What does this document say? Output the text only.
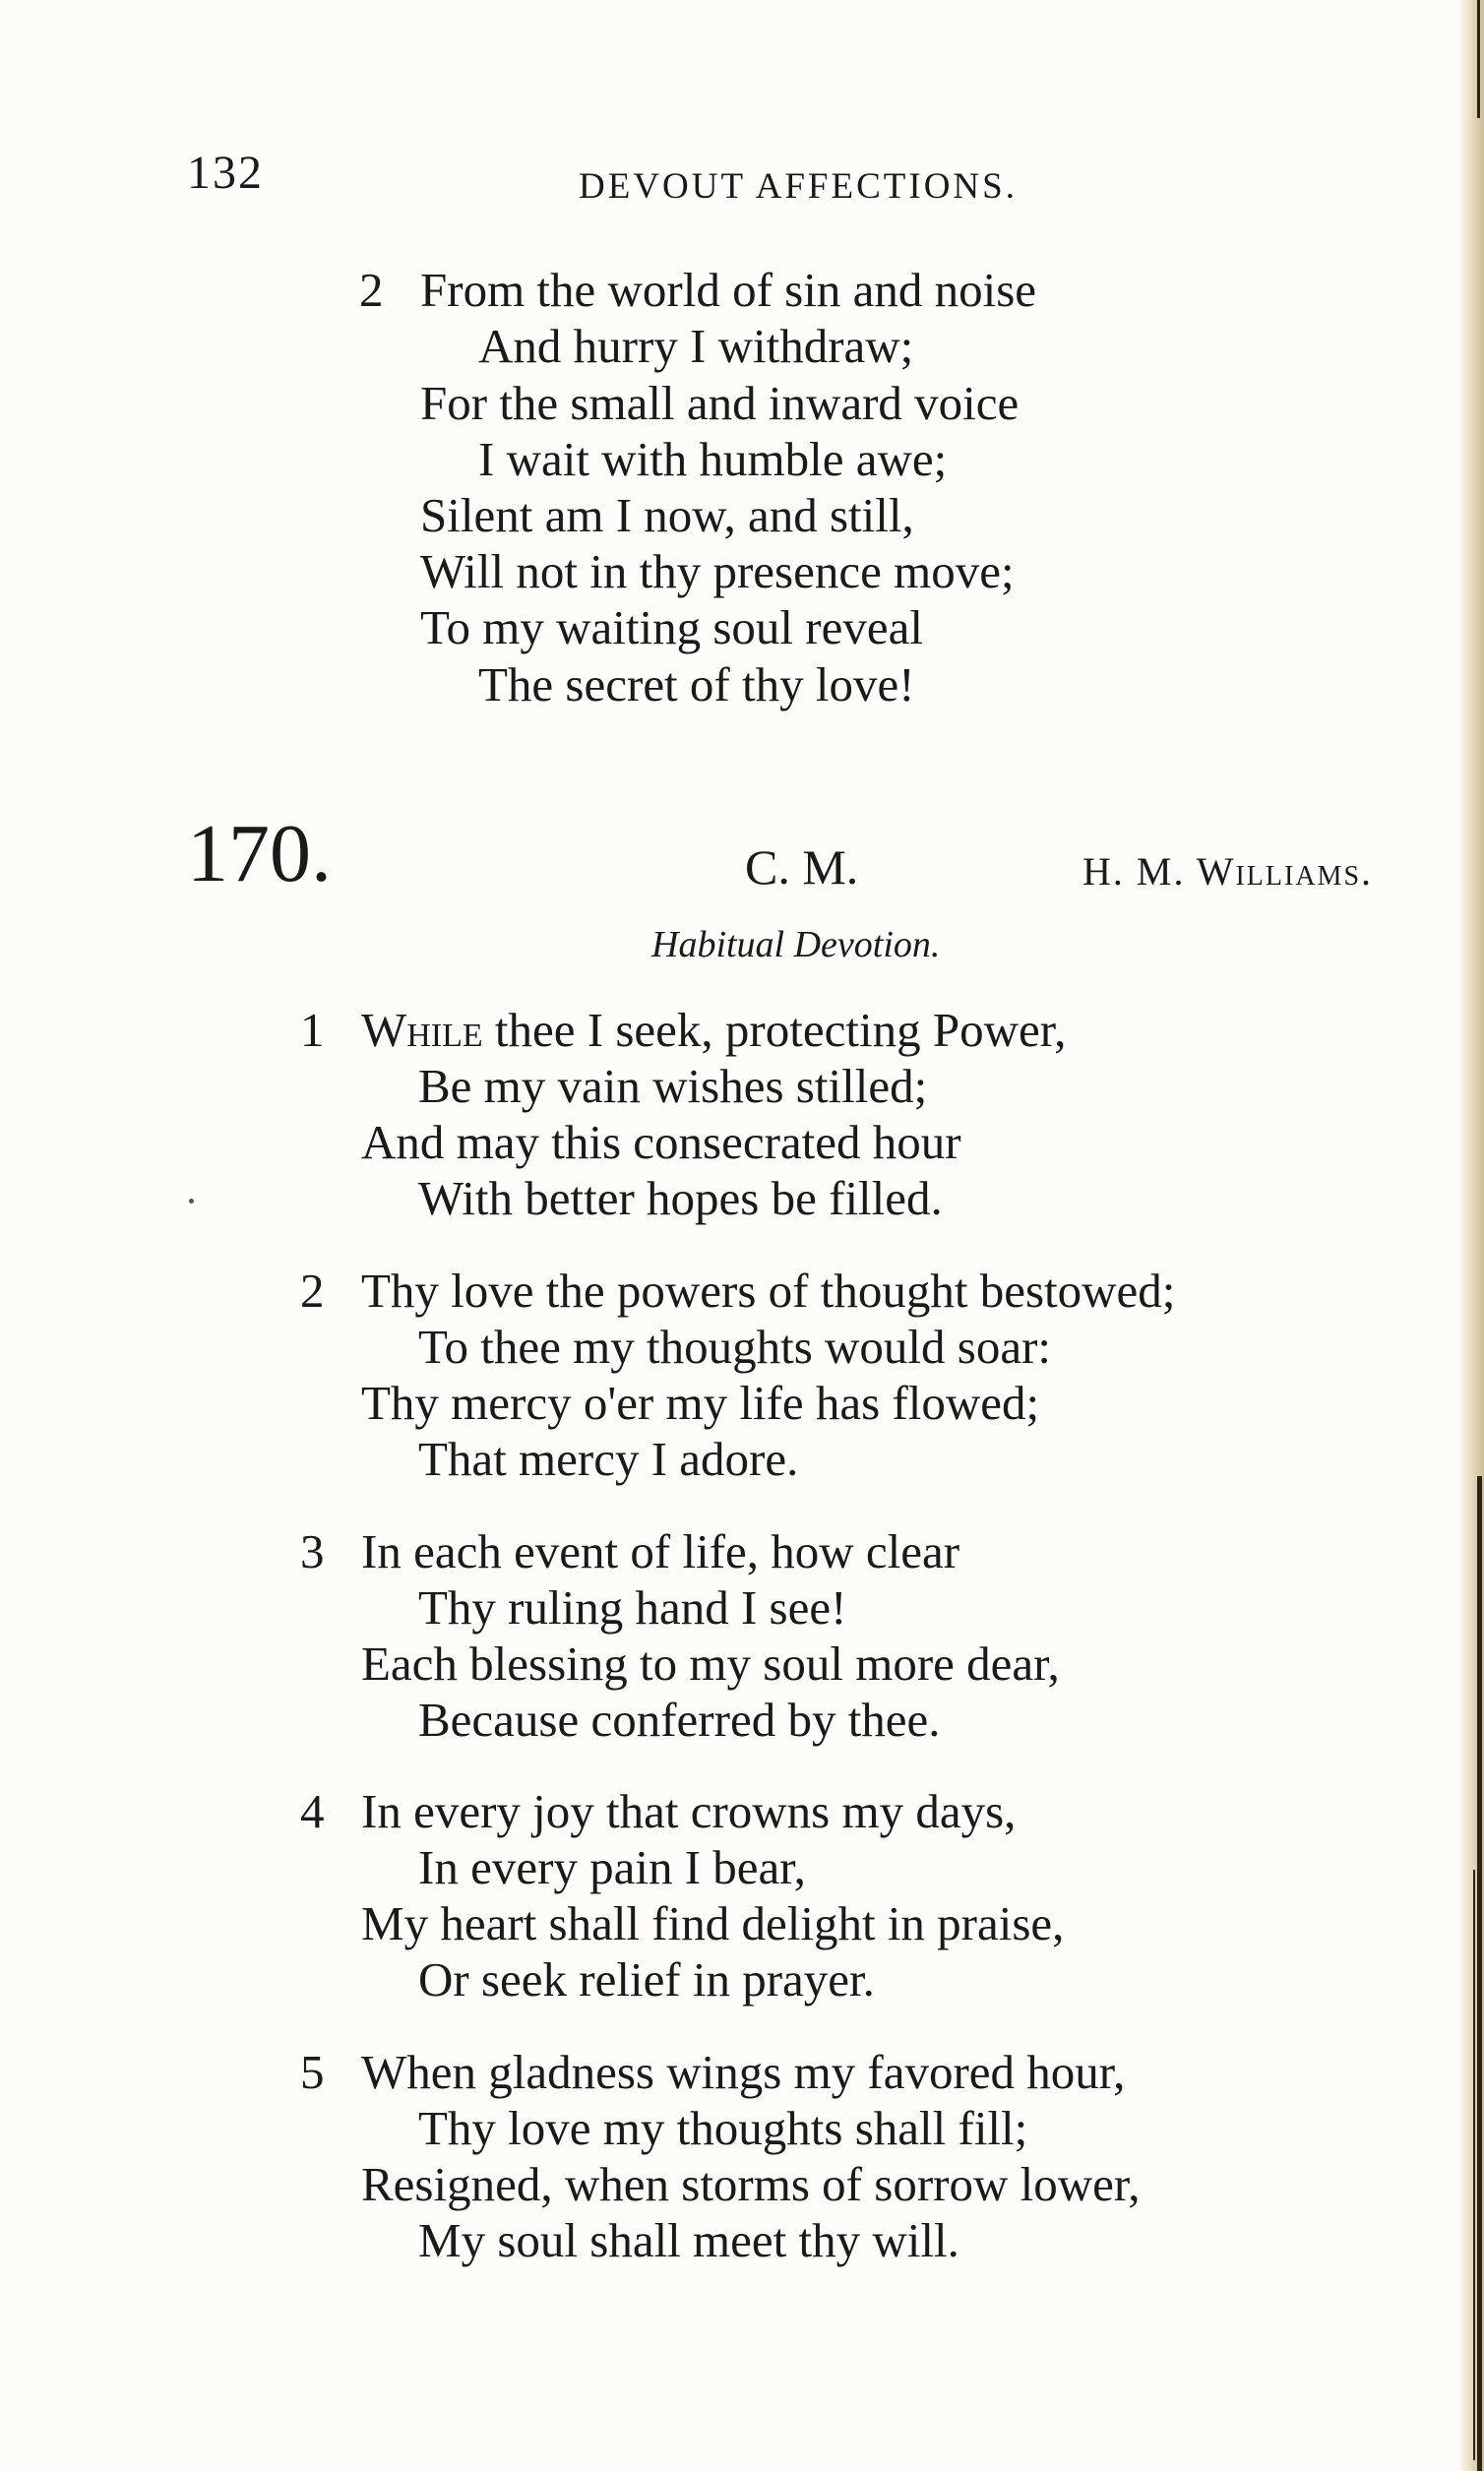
132	DEVOUT AFFECTIONS.
2 From the world of sin and noise
And hurry I withdraw;
For the small and inward voice
I wait with humble awe;
Silent am I now, and still,
Will not in thy presence move;
To my waiting soul reveal
The secret of thy love!
170.	C. M.	H. M. Williams.
Habitual Devotion.
1 While thee I seek, protecting Power,
Be my vain wishes stilled;
And may this consecrated hour
With better hopes be filled.
2 Thy love the powers of thought bestowed;
To thee my thoughts would soar:
Thy mercy o'er my life has flowed;
That mercy I adore.
3 In each event of life, how clear
Thy ruling hand I see!
Each blessing to my soul more dear,
Because conferred by thee.
4 In every joy that crowns my days,
In every pain I bear,
My heart shall find delight in praise,
Or seek relief in prayer.
5 When gladness wings my favored hour,
Thy love my thoughts shall fill;
Resigned, when storms of sorrow lower,
My soul shall meet thy will.
